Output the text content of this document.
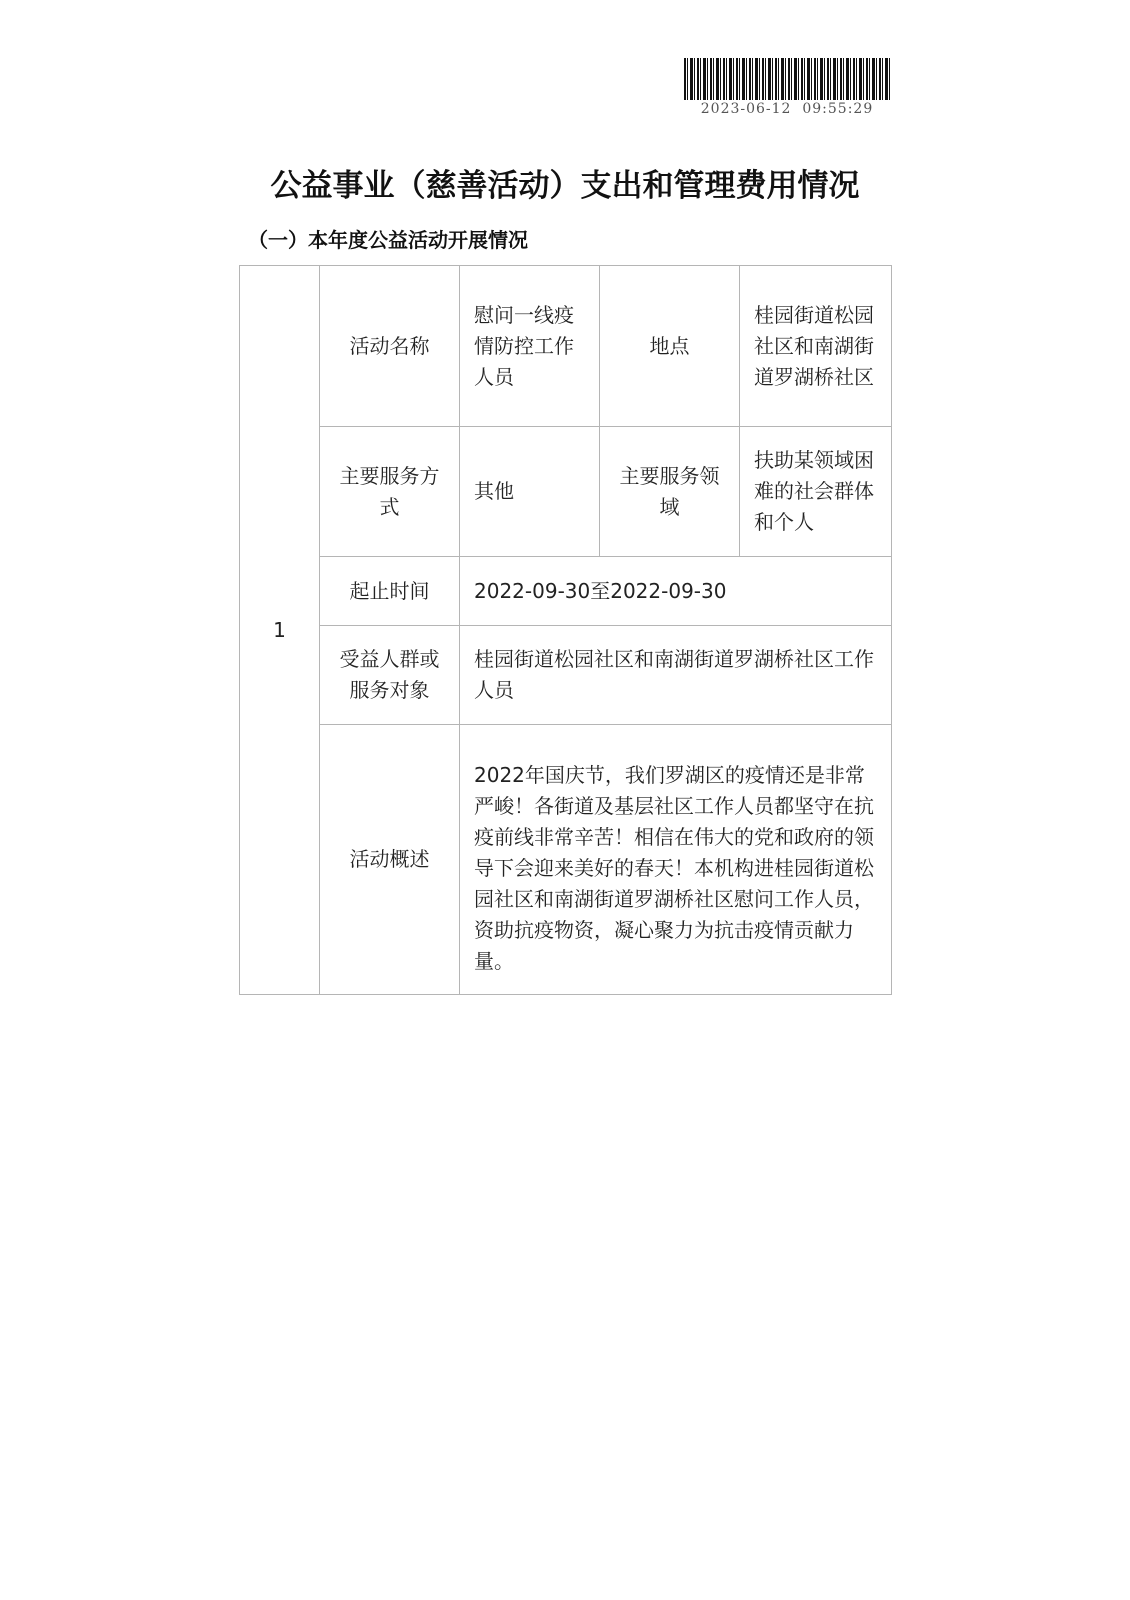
2023-06-12  09:55:29
公益事业（慈善活动）支出和管理费用情况
（一）本年度公益活动开展情况
1	活动名称	慰问一线疫情防控工作人员	地点	桂园街道松园社区和南湖街道罗湖桥社区
	主要服务方式	其他	主要服务领域	扶助某领域困难的社会群体和个人
	起止时间	2022-09-30至2022-09-30		
	受益人群或服务对象	桂园街道松园社区和南湖街道罗湖桥社区工作人员		
	活动概述	2022年国庆节，我们罗湖区的疫情还是非常严峻！各街道及基层社区工作人员都坚守在抗疫前线非常辛苦！相信在伟大的党和政府的领导下会迎来美好的春天！本机构进桂园街道松园社区和南湖街道罗湖桥社区慰问工作人员，资助抗疫物资，凝心聚力为抗击疫情贡献力量。		
